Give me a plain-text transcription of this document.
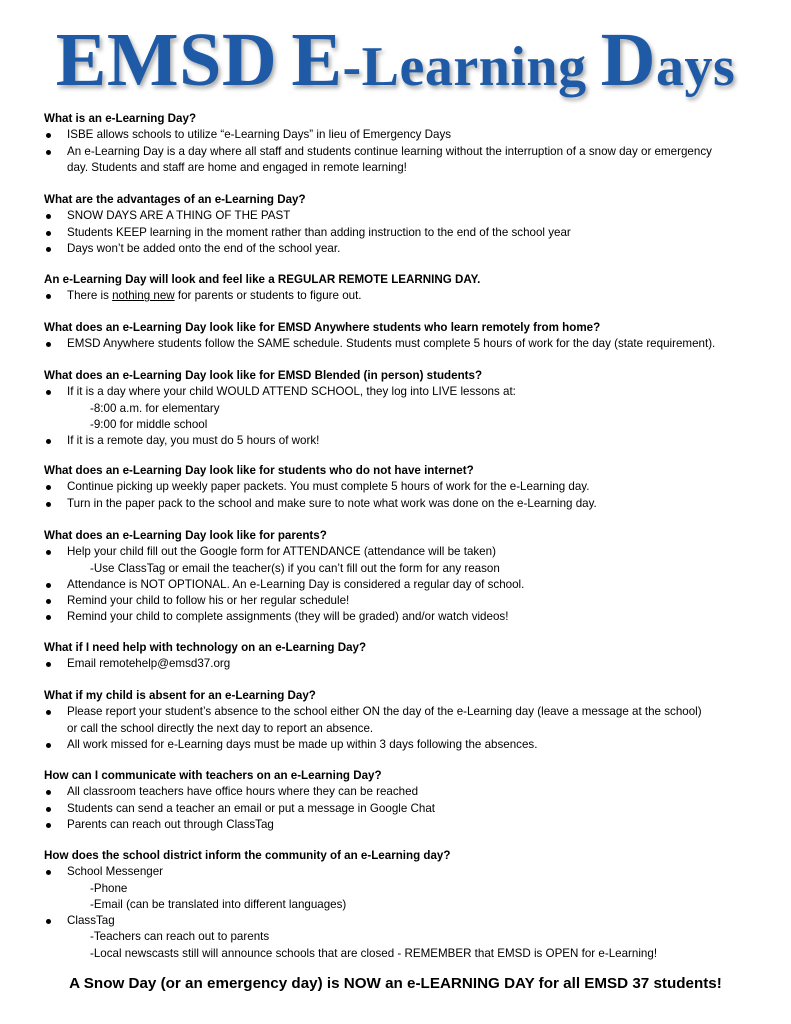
EMSD E-Learning Days

What is an e-Learning Day?

ISBE allows schools to utilize “e-Learning Days” in lieu of Emergency Days
An e-Learning Day is a day where all staff and students continue learning without the interruption of a snow day or emergency
day. Students and staff are home and engaged in remote learning!

What are the advantages of an e-Learning Day?

SNOW DAYS ARE A THING OF THE PAST
Students KEEP learning in the moment rather than adding instruction to the end of the school year
Days won’t be added onto the end of the school year.

An e-Learning Day will look and feel like a REGULAR REMOTE LEARNING DAY.

There is nothing new for parents or students to figure out.

What does an e-Learning Day look like for EMSD Anywhere students who learn remotely from home?

EMSD Anywhere students follow the SAME schedule. Students must complete 5 hours of work for the day (state requirement).

What does an e-Learning Day look like for EMSD Blended (in person) students?

If it is a day where your child WOULD ATTEND SCHOOL, they log into LIVE lessons at:
-8:00 a.m. for elementary
-9:00 for middle school
If it is a remote day, you must do 5 hours of work!

What does an e-Learning Day look like for students who do not have internet?

Continue picking up weekly paper packets. You must complete 5 hours of work for the e-Learning day.
Turn in the paper pack to the school and make sure to note what work was done on the e-Learning day.

What does an e-Learning Day look like for parents?

Help your child fill out the Google form for ATTENDANCE (attendance will be taken)
-Use ClassTag or email the teacher(s) if you can’t fill out the form for any reason
Attendance is NOT OPTIONAL. An e-Learning Day is considered a regular day of school.
Remind your child to follow his or her regular schedule!
Remind your child to complete assignments (they will be graded) and/or watch videos!

What if I need help with technology on an e-Learning Day?

Email remotehelp@emsd37.org

What if my child is absent for an e-Learning Day?

Please report your student’s absence to the school either ON the day of the e-Learning day (leave a message at the school)
or call the school directly the next day to report an absence.
All work missed for e-Learning days must be made up within 3 days following the absences.

How can I communicate with teachers on an e-Learning Day?

All classroom teachers have office hours where they can be reached
Students can send a teacher an email or put a message in Google Chat
Parents can reach out through ClassTag

How does the school district inform the community of an e-Learning day?

School Messenger
-Phone
-Email (can be translated into different languages)
ClassTag
-Teachers can reach out to parents
-Local newscasts still will announce schools that are closed - REMEMBER that EMSD is OPEN for e-Learning!
A Snow Day (or an emergency day) is NOW an e-LEARNING DAY for all EMSD 37 students!
